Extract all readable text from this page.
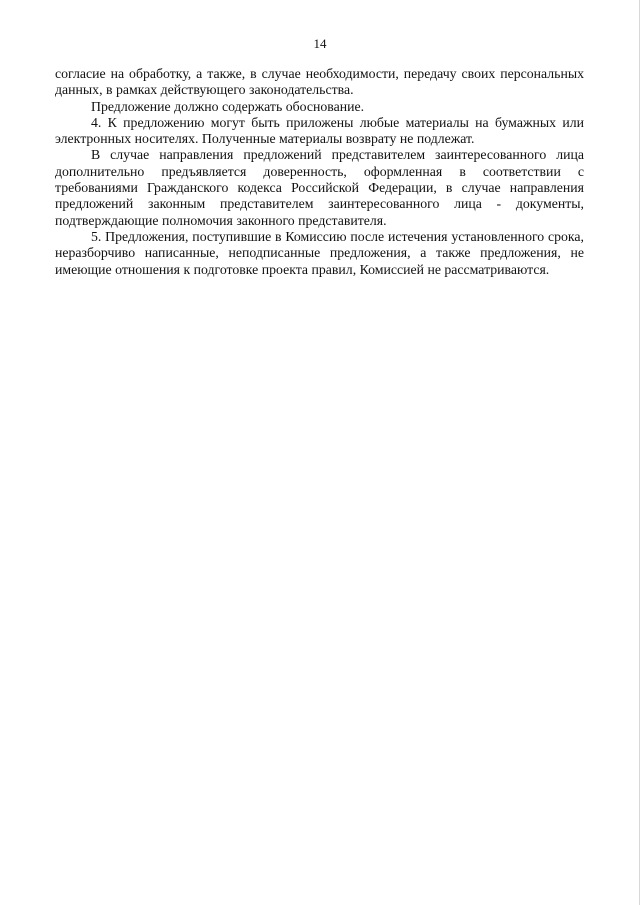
14

согласие на обработку, а также, в случае необходимости, передачу своих персональных данных, в рамках действующего законодательства.

Предложение должно содержать обоснование.

4. К предложению могут быть приложены любые материалы на бумажных или электронных носителях. Полученные материалы возврату не подлежат.

В случае направления предложений представителем заинтересованного лица дополнительно предъявляется доверенность, оформленная в соответствии с требованиями Гражданского кодекса Российской Федерации, в случае направления предложений законным представителем заинтересованного лица - документы, подтверждающие полномочия законного представителя.

5. Предложения, поступившие в Комиссию после истечения установленного срока, неразборчиво написанные, неподписанные предложения, а также предложения, не имеющие отношения к подготовке проекта правил, Комиссией не рассматриваются.
